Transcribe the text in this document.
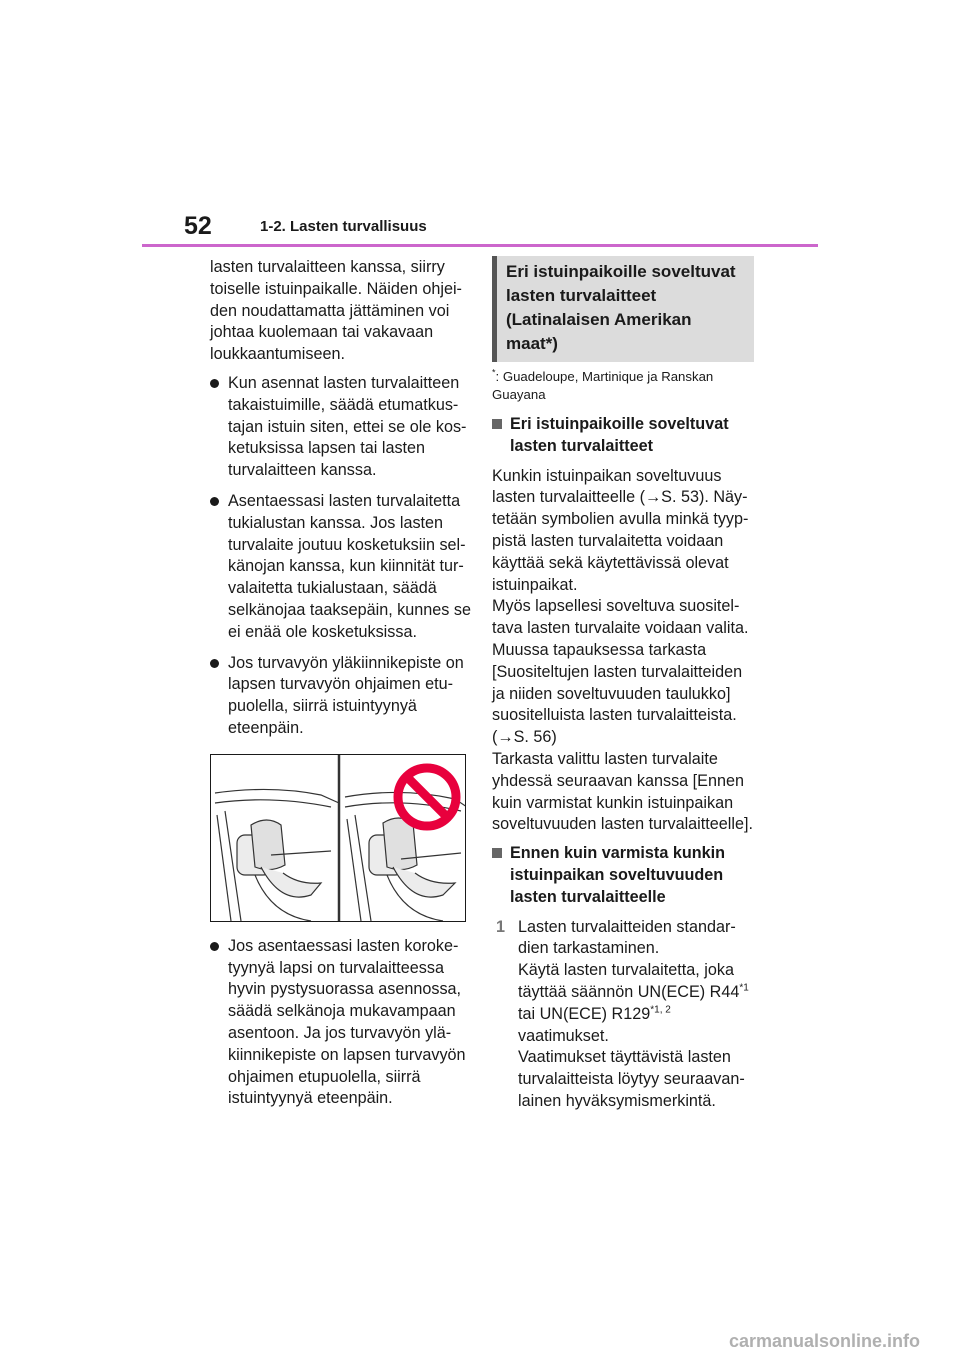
52	1-2. Lasten turvallisuus

lasten turvalaitteen kanssa, siirry toiselle istuinpaikalle. Näiden ohjei-den noudattamatta jättäminen voi johtaa kuolemaan tai vakavaan loukkaantumiseen.

Kun asennat lasten turvalaitteen takaistuimille, säädä etumatkus-tajan istuin siten, ettei se ole kos-ketuksissa lapsen tai lasten turvalaitteen kanssa.
Asentaessasi lasten turvalaitetta tukialustan kanssa. Jos lasten turvalaite joutuu kosketuksiin sel-känojan kanssa, kun kiinnität tur-valaitetta tukialustaan, säädä selkänojaa taaksepäin, kunnes se ei enää ole kosketuksissa.
Jos turvavyön yläkiinnikepiste on lapsen turvavyön ohjaimen etu-puolella, siirrä istuintyynyä eteenpäin.
Jos asentaessasi lasten koroke-tyynyä lapsi on turvalaitteessa hyvin pystysuorassa asennossa, säädä selkänoja mukavampaan asentoon. Ja jos turvavyön ylä-kiinnikepiste on lapsen turvavyön ohjaimen etupuolella, siirrä istuintyynyä eteenpäin.
Eri istuinpaikoille soveltuvat lasten turvalaitteet (Latinalaisen Amerikan maat*)

*: Guadeloupe, Martinique ja Ranskan Guayana

Eri istuinpaikoille soveltuvat lasten turvalaitteet

Kunkin istuinpaikan soveltuvuus lasten turvalaitteelle (→S. 53). Näy-tetään symbolien avulla minkä tyyp-pistä lasten turvalaitetta voidaan käyttää sekä käytettävissä olevat istuinpaikat.

Myös lapsellesi soveltuva suositel-tava lasten turvalaite voidaan valita. Muussa tapauksessa tarkasta [Suositeltujen lasten turvalaitteiden ja niiden soveltuvuuden taulukko] suositelluista lasten turvalaitteista. (→S. 56)

Tarkasta valittu lasten turvalaite yhdessä seuraavan kanssa [Ennen kuin varmistat kunkin istuinpaikan soveltuvuuden lasten turvalaitteelle].

Ennen kuin varmista kunkin istuinpaikan soveltuvuuden lasten turvalaitteelle
1 Lasten turvalaitteiden standar-dien tarkastaminen.

Käytä lasten turvalaitetta, joka täyttää säännön UN(ECE) R44$^{*1}$ tai UN(ECE) R129$^{*1, 2}$ vaatimukset.

Vaatimukset täyttävistä lasten turvalaitteista löytyy seuraavan-lainen hyväksymismerkintä.

carmanualsonline.info
